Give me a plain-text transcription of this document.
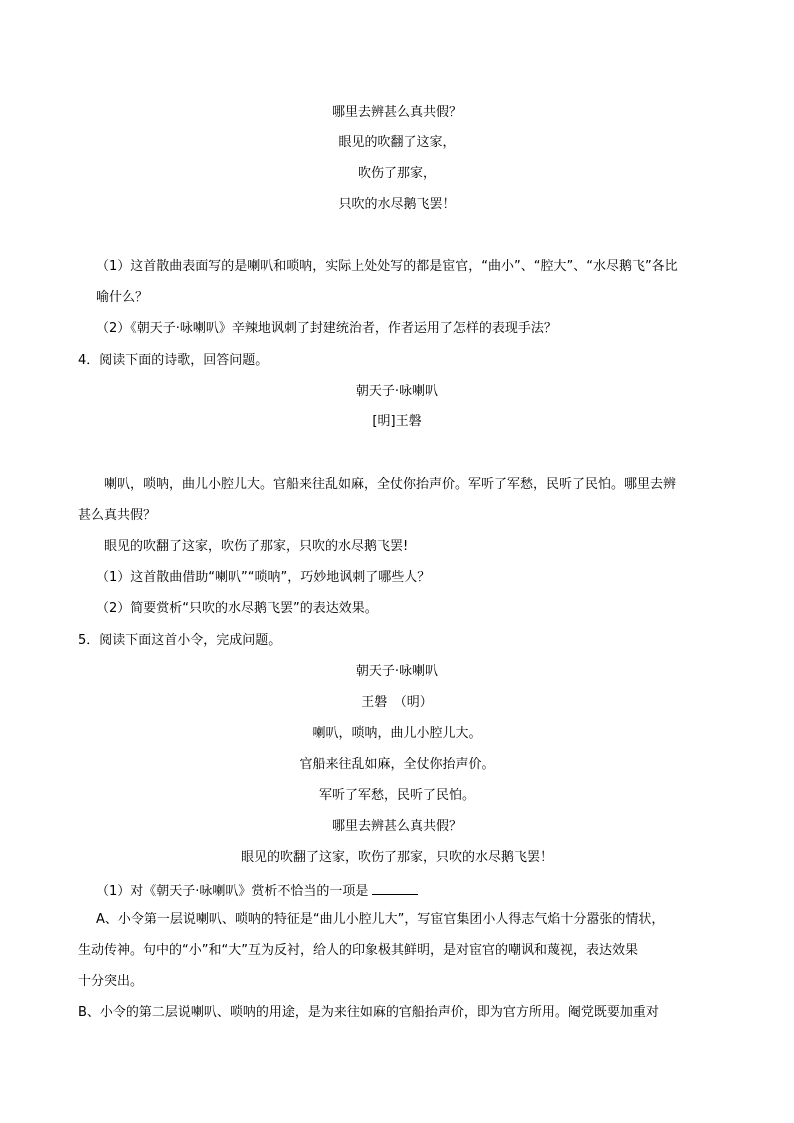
哪里去辨甚么真共假？
眼见的吹翻了这家，
吹伤了那家，
只吹的水尽鹅飞罢！
（1）这首散曲表面写的是喇叭和唢呐，实际上处处写的都是宦官，“曲小”、“腔大”、“水尽鹅飞”各比
喻什么？
（2）《朝天子·咏喇叭》辛辣地讽刺了封建统治者，作者运用了怎样的表现手法？
4．阅读下面的诗歌，回答问题。
朝天子·咏喇叭
[明]王磐
喇叭，唢呐，曲儿小腔儿大。官船来往乱如麻，全仗你抬声价。军听了军愁，民听了民怕。哪里去辨
甚么真共假？
眼见的吹翻了这家，吹伤了那家，只吹的水尽鹅飞罢!
（1）这首散曲借助“喇叭”“唢呐”，巧妙地讽刺了哪些人？
（2）简要赏析“只吹的水尽鹅飞罢”的表达效果。
5．阅读下面这首小令，完成问题。
朝天子·咏喇叭
王磐　（明）
喇叭，唢呐，曲儿小腔儿大。
官船来往乱如麻，全仗你抬声价。
军听了军愁，民听了民怕。
哪里去辨甚么真共假？
眼见的吹翻了这家，吹伤了那家，只吹的水尽鹅飞罢！
（1）对《朝天子·咏喇叭》赏析不恰当的一项是
A、小令第一层说喇叭、唢呐的特征是“曲儿小腔儿大”，写宦官集团小人得志气焰十分嚣张的情状，
生动传神。句中的“小”和“大”互为反衬，给人的印象极其鲜明，是对宦官的嘲讽和蔑视，表达效果
十分突出。
B、小令的第二层说喇叭、唢呐的用途，是为来往如麻的官船抬声价，即为官方所用。阉党既要加重对
